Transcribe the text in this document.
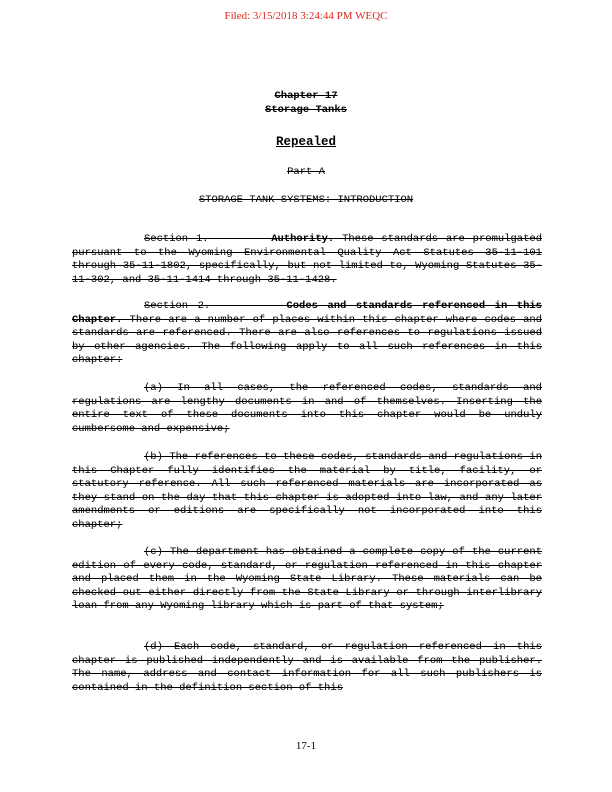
Filed: 3/15/2018 3:24:44 PM WEQC
Chapter 17
Storage Tanks
Repealed
Part A
STORAGE TANK SYSTEMS: INTRODUCTION
Section 1.	Authority. These standards are promulgated pursuant to the Wyoming Environmental Quality Act Statutes 35-11-101 through 35-11-1802, specifically, but not limited to, Wyoming Statutes 35-11-302, and 35-11-1414 through 35-11-1428.
Section 2.	Codes and standards referenced in this Chapter. There are a number of places within this chapter where codes and standards are referenced. There are also references to regulations issued by other agencies. The following apply to all such references in this chapter:
(a) In all cases, the referenced codes, standards and regulations are lengthy documents in and of themselves. Inserting the entire text of these documents into this chapter would be unduly cumbersome and expensive;
(b) The references to these codes, standards and regulations in this Chapter fully identifies the material by title, facility, or statutory reference. All such referenced materials are incorporated as they stand on the day that this chapter is adopted into law, and any later amendments or editions are specifically not incorporated into this chapter;
(c) The department has obtained a complete copy of the current edition of every code, standard, or regulation referenced in this chapter and placed them in the Wyoming State Library. These materials can be checked out either directly from the State Library or through interlibrary loan from any Wyoming library which is part of that system;
(d) Each code, standard, or regulation referenced in this chapter is published independently and is available from the publisher. The name, address and contact information for all such publishers is contained in the definition section of this
17-1
